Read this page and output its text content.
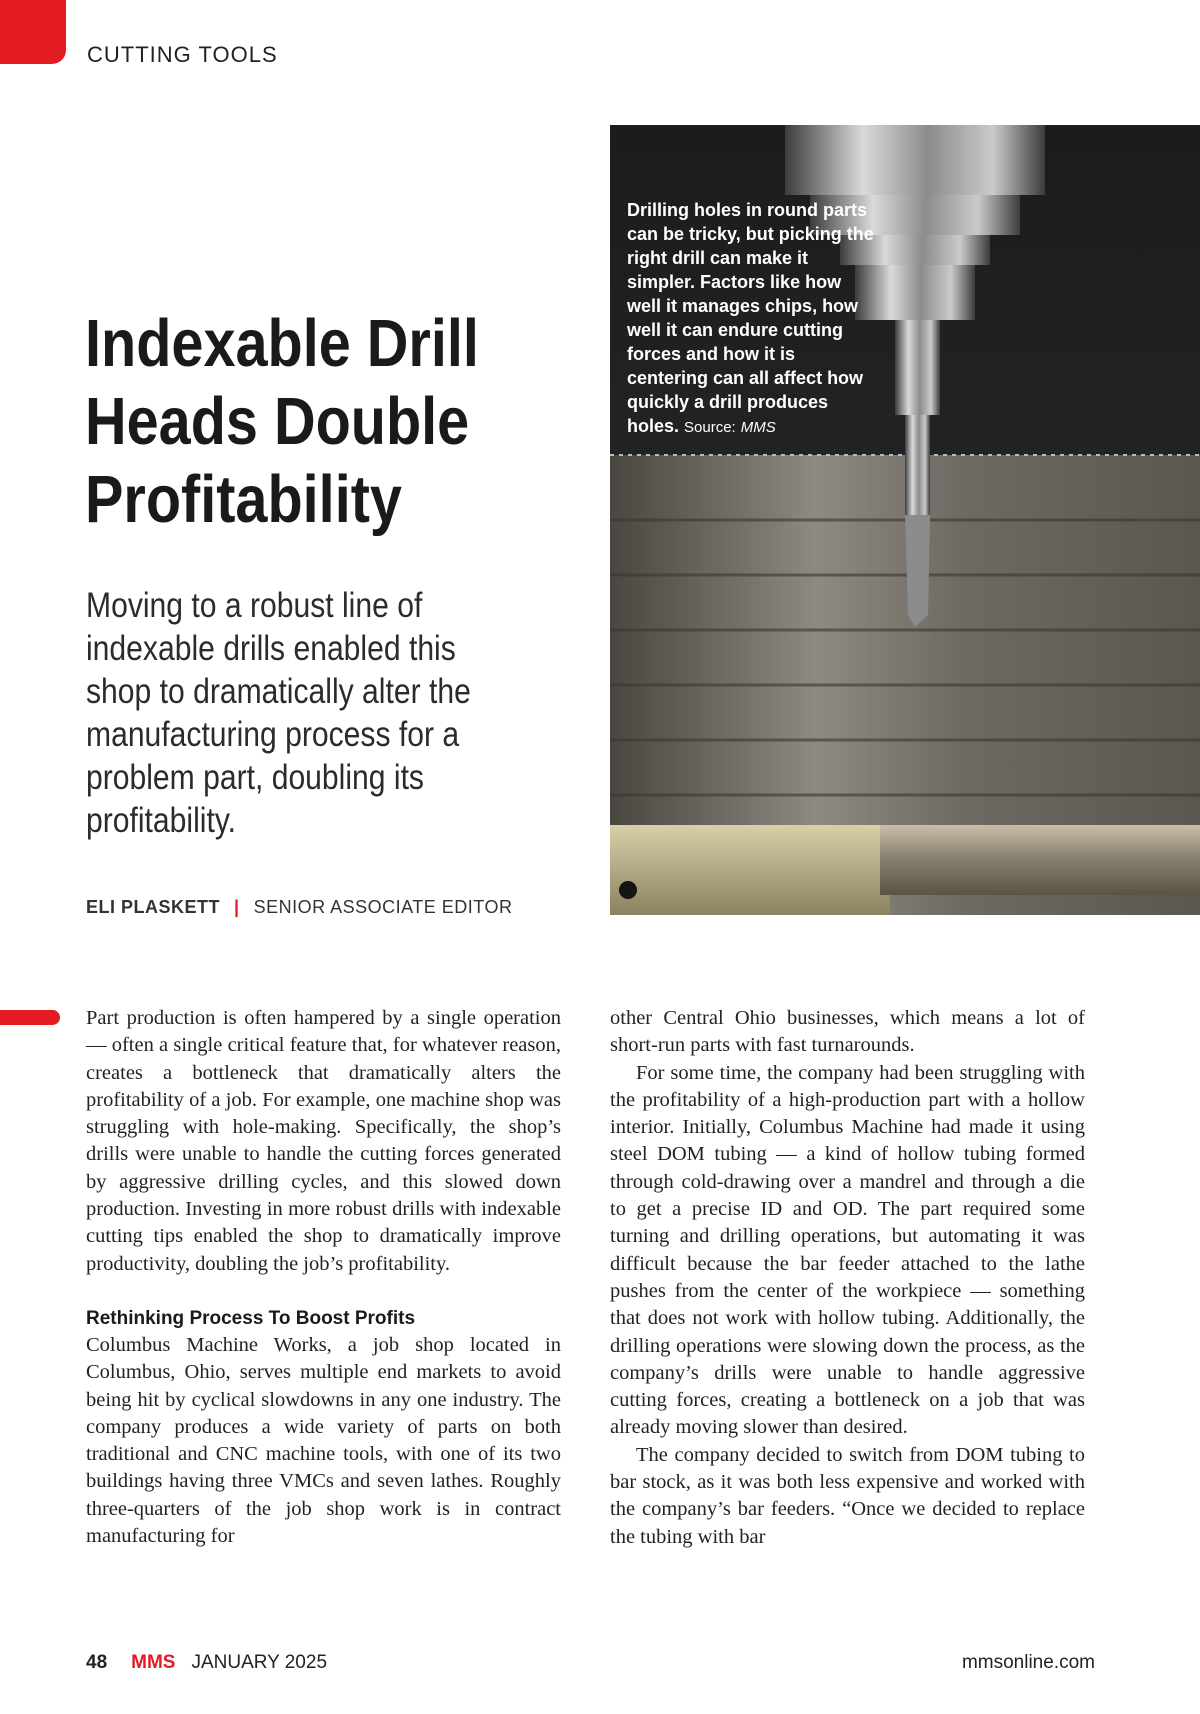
CUTTING TOOLS
Indexable Drill Heads Double Profitability

Moving to a robust line of indexable drills enabled this shop to dramatically alter the manufacturing process for a problem part, doubling its profitability.

ELI PLASKETT | SENIOR ASSOCIATE EDITOR

Drilling holes in round parts can be tricky, but picking the right drill can make it simpler. Factors like how well it manages chips, how well it can endure cutting forces and how it is centering can all affect how quickly a drill produces holes. Source: MMS

Part production is often hampered by a single operation — often a single critical feature that, for whatever reason, creates a bottleneck that dramatically alters the profitability of a job. For example, one machine shop was struggling with hole-making. Specifically, the shop’s drills were unable to handle the cutting forces generated by aggressive drilling cycles, and this slowed down production. Investing in more robust drills with indexable cutting tips enabled the shop to dramatically improve productivity, doubling the job’s profitability.

Rethinking Process To Boost Profits

Columbus Machine Works, a job shop located in Columbus, Ohio, serves multiple end markets to avoid being hit by cyclical slowdowns in any one industry. The company produces a wide variety of parts on both traditional and CNC machine tools, with one of its two buildings having three VMCs and seven lathes. Roughly three-quarters of the job shop work is in contract manufacturing for

other Central Ohio businesses, which means a lot of short-run parts with fast turnarounds.

For some time, the company had been struggling with the profitability of a high-production part with a hollow interior. Initially, Columbus Machine had made it using steel DOM tubing — a kind of hollow tubing formed through cold-drawing over a mandrel and through a die to get a precise ID and OD. The part required some turning and drilling operations, but automating it was difficult because the bar feeder attached to the lathe pushes from the center of the workpiece — something that does not work with hollow tubing. Additionally, the drilling operations were slowing down the process, as the company’s drills were unable to handle aggressive cutting forces, creating a bottleneck on a job that was already moving slower than desired.

The company decided to switch from DOM tubing to bar stock, as it was both less expensive and worked with the company’s bar feeders. “Once we decided to replace the tubing with bar

48 MMS JANUARY 2025	mmsonline.com
